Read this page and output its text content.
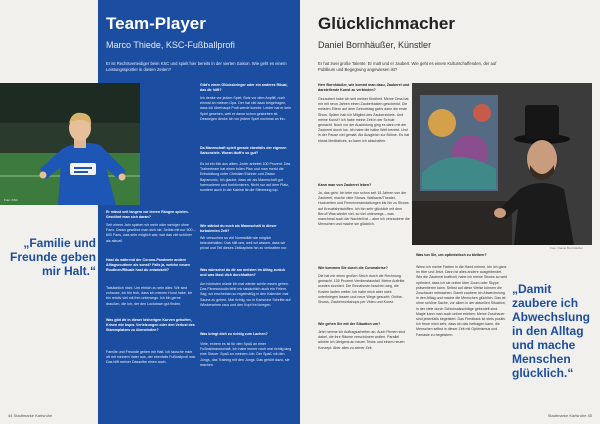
Team-Player
Marco Thiede, KSC-Fußballprofi
Er ist Rechtsverteidiger beim KSC und spielt hier bereits in der vierten Saison. Wie geht es einem Leistungssportler in diesen Zeiten?
Foto: KSC
„Familie und Freunde geben mir Halt.“
Er mässt seit langem vor leeren Rängen spielen. Gewöhnt man sich daran?
Seit einem Jahr spielen wir mehr oder weniger ohne Fans. Daran gewöhnt man sich nie. Selbst mit nur 500 – 600 Fans, was sehr möglich war, war das viel schöner als aktuell.
Hast du während der Corona-Pandemie andere Alltagsroutinen als sonst? Falls ja, welche neuen Routinen/Rituale hast du entwickelt?
Tatsächlich nicht. Um ehrlich zu sein alles. Wir sind zuhause, ich bin froh, dass ich meinen Hund habe, ich bin relativ viel mit ihm unterwegs. Ich bin gerne draußen, die Ich, der den Lockdown gut finden.
Was gibt dir in dieser bisherigen Kurven geholfen, Krisen wie bspw. Verletzungen oder den Verlust des Stammplatzes zu überwinden?
Familie und Freunde geben mir Halt. Ich tausche mich oft mit meinem Vater aus, der ebenfalls Fußballprofi war. Das hilft meiner Dasselbe einen auch.
Gibt's einen Glücksbringer oder ein anderes Ritual, das dir hilft?
Ich denke vor jedem Spiel, Butz vor dem Anpfiff, noch einmal an meinen Opa. Der hat viel dazu beigetragen, dass ich überhaupt Profi werde konnte. Leider hat er kein Spiel gesehen, weil er davor schon gestorben ist. Deswegen denke ich vor jedem Spiel nochmal an ihn.
Da Mannschaft spielt gerade ebenfalls der eigenen Saisonziele. Woran läuft's so gut?
Es ist ein Mix aus allem. Jeder arbeitet 100 Prozent. Das Trainerteam hat einen tollen Plan und man merkt die Entwicklung unter Christian Eichner und Zlatan Bajramovic. Ich glaube, dass wir als Mannschaft gut harmonieren und funktionieren. Nicht nur auf dem Platz, sondern auch in der Kabine ist die Stimmung top.
Wie stärkst du euch als Mannschaft in dieser turbulenten Zeit?
Wir versuchen so viel Normalität wie möglich beizubehalten. Das hilft uns, weil wir wissen, dass wir privat und Teil dieses Zeitkapitels hin zu verkraften nur.
Was wünschst du dir am meisten im Alltag zurück und was lässt dich durchhalten?
Am höchsten würde ich mal wieder schön essen gehen. Das Fitnessstudio fehlt mir tatsächlich auch ein Feiern. Sag, wir erscheinen so regelmäßig in den Kalender mal Sauna zu gehen. Mal richtig, wo in Karlsruhe Schritte auf Wiedersehen raus und den Kopf frei kriegen.
Was bringt dich zu richtig zum Lachen?
Viele, extrem es ist für den Spaß an einer Fußballmannschaft. Ich habe immer noch mal richtig lang eine Steuer. Spaß an meinem Job. Der Spaß mit den Jungs, das Training mit den Jungs. Das gehört dazu, sie machen.
44 Stadtmarke Karlsruhe
Glücklichmacher
Daniel Bornhäußer, Künstler
Er hat zwei große Talente: Er malt und er zaubert. Wie geht es einem Kulturschaffenden, der auf Publikum und Begegnung angewiesen ist?
Herr Bornhäußer, wie kommt man dazu, Zauberei und darstellende Kunst zu verbinden?
Gezaubert habe ich seit meiner Kindheit. Meine Oma hat mir mit neun Jahren einen Zauberkasten geschenkt. Die meisten Eltern auf dem Geburtstag gab's dann die erste Show. Später hab ich Mitglied des Zauberzirkels. Und meine Kunst? Ich habe meine Zeit in der Schule gemacht. Noch vor der Ausbildung ging es dann mit der Zauberei durch los. Ich habe die halbe Welt bereist. Und in der Pause viel gemalt. Als Ausgleich zur Bühne. Es hat etwas Meditatives, so kann ich abschalten.
Kann man von Zauberei leben?
Ja, das geht. Ich lebe nun schon seit 18 Jahren von der Zauberei, mache viele Shows, Walkacts/Theater, Hochzeiten und Firmenveranstaltungen bis hin zu Shows auf Kreuzfahrtschiffen. Ich bin sehr glücklich mit dem Beruf! Was wieder viel, so viel unterwegs – was manchmal auch der Nachteil ist – aber ich verzaubere die Menschen und mache sie glücklich.
Wie kommen Sie durch die Coronakrise?
Die hat mir einen großen Strich durch die Rechnung gemacht. 100 Prozent Verdienstausfall. Meine Auftritte wurden storniert. Die Einnahmen brachen weg, die Kosten laufen weiter. Ich habe mich aber nicht unterkriegen lassen und neue Wege gesucht: Online-Shows, Zauberworkshops per Video und Kunst.
Wie gehen Sie mit der Situation um?
Jetzt nehme ich Auftragsarbeiten an. Auch Firmen sind dabei, die ihre Räume verschönern wollen. Parallel arbeite ich übrigens an neuen Tricks und einem neuen Konzept. Aber alles zu seiner Zeit.
Foto: Daniel Bornhäußer
Was tun Sie, um optimistisch zu bleiben?
Wenn ich meine Farben in die Hand nehme, bin ich ganz im Hier und Jetzt. Dann ist alles andere ausgeblendet. Wie die Zauberei kraftvoll, habe ich meine Shows so weit optimiert, dass ich sie online über Zoom oder Skype präsentieren kann. Selbst auf diese Weise können die Zuschauer mitmachen. Damit zaubere ich Abwechslung in den Alltag und mache die Menschen glücklich. Das ist ohne schöne Sache, vor allem in der aktuellen Situation, in der viele durch Schicksalsschläge gebeutelt sind. Magie kann man auch online erleben. Meine Zuschauer sind jedenfalls begeistert. Das Feedback ist stets positiv. Ich freue mich sehr, dass ich das beitragen kann, die Menschen selbst in dieser Zeit mit Optimismus und Fantasie zu begeistern.
„Damit zaubere ich Abwechslung in den Alltag und mache Menschen glücklich.“
Stadtmarke Karlsruhe 45
